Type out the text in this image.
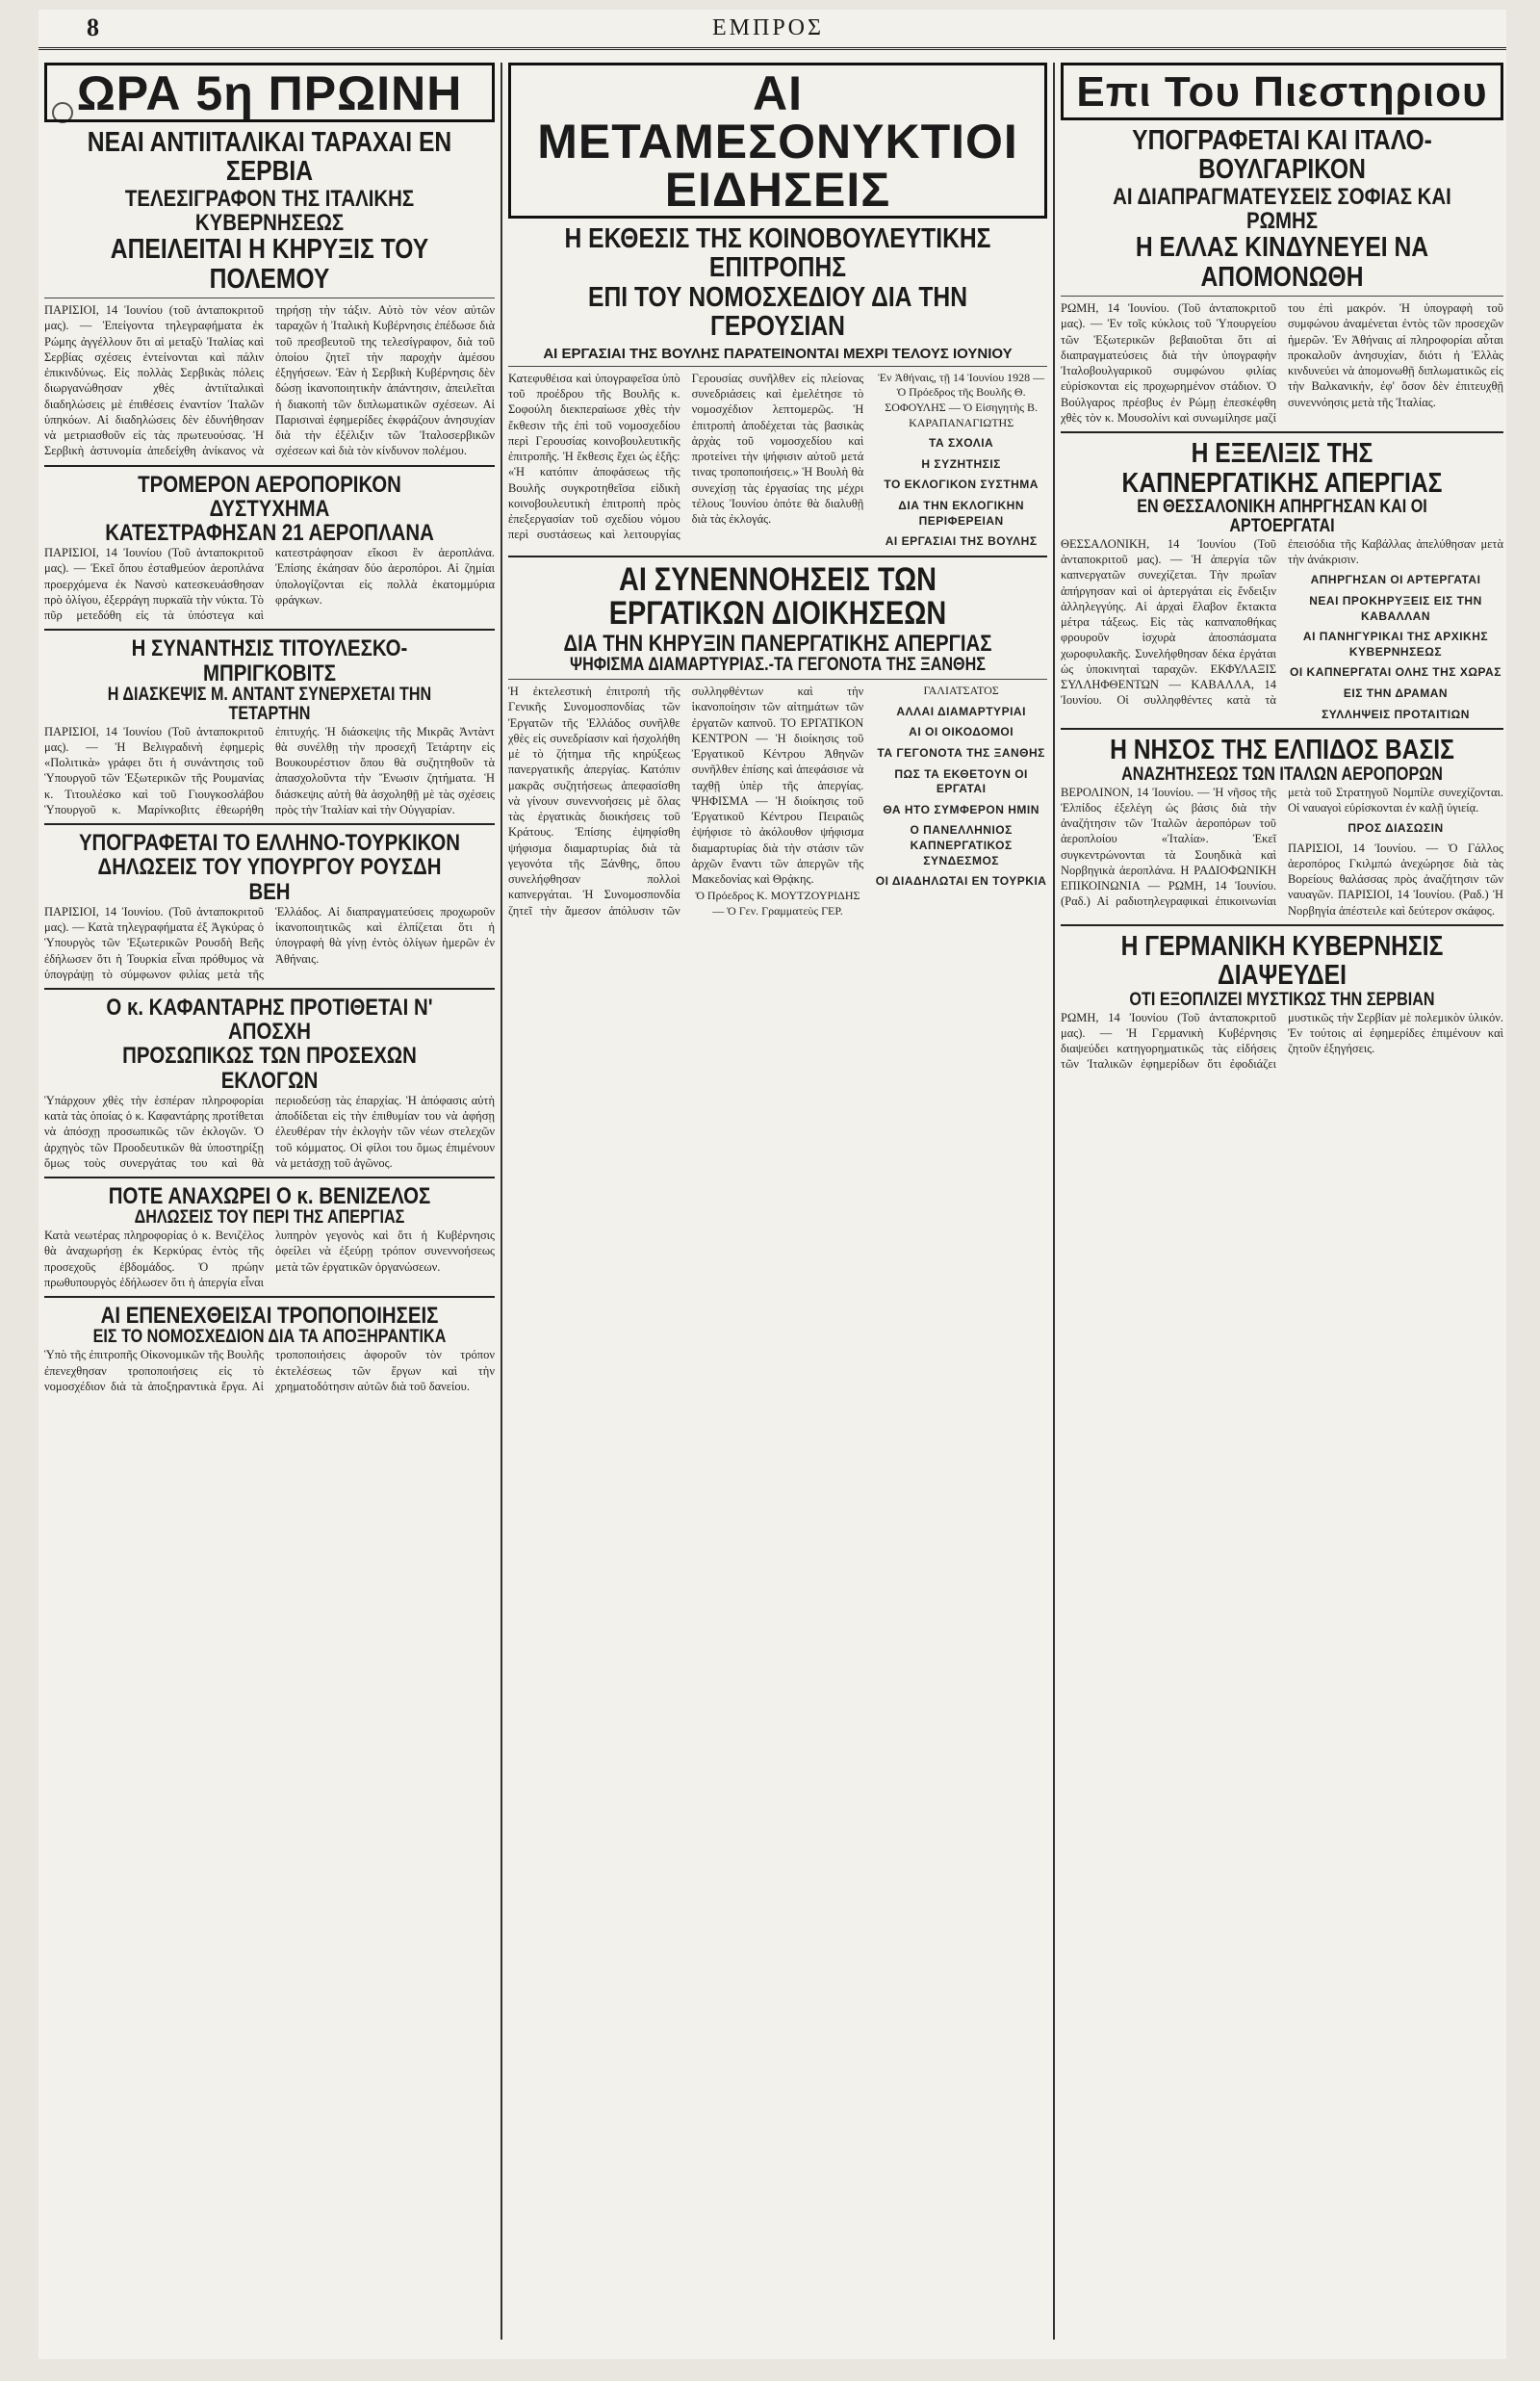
8	ΕΜΠΡΟΣ
ΩΡΑ 5η ΠΡΩΙΝΗ
ΝΕΑΙ ΑΝΤΙΙΤΑΛΙΚΑΙ ΤΑΡΑΧΑΙ ΕΝ ΣΕΡΒΙΑ
ΤΕΛΕΣΙΓΡΑΦΟΝ ΤΗΣ ΙΤΑΛΙΚΗΣ ΚΥΒΕΡΝΗΣΕΩΣ
ΑΠΕΙΛΕΙΤΑΙ Η ΚΗΡΥΞΙΣ ΤΟΥ ΠΟΛΕΜΟΥ
ΠΑΡΙΣΙΟΙ, 14 Ἰουνίου (τοῦ ἀνταποκριτοῦ μας). — Ἐπείγοντα τηλεγραφήματα ἐκ Ρώμης ἀγγέλλουν ὅτι αἱ μεταξὺ Ἰταλίας καὶ Σερβίας σχέσεις ἐντείνονται καὶ πάλιν ἐπικινδύνως. Εἰς πολλὰς Σερβικὰς πόλεις διωργανώθησαν χθὲς ἀντιϊταλικαὶ διαδηλώσεις μὲ ἐπιθέσεις ἐναντίον Ἰταλῶν ὑπηκόων. Αἱ διαδηλώσεις δὲν ἐδυνήθησαν νὰ μετριασθοῦν εἰς τὰς πρωτευούσας. Ἡ Σερβικὴ ἀστυνομία ἀπεδείχθη ἀνίκανος νὰ τηρήσῃ τὴν τάξιν. Αὐτὸ τὸν νέον αὐτῶν ταραχῶν ἡ Ἰταλικὴ Κυβέρνησις ἐπέδωσε διὰ τοῦ πρεσβευτοῦ της τελεσίγραφον, διὰ τοῦ ὁποίου ζητεῖ τὴν παροχὴν ἀμέσου ἐξηγήσεων. Ἐὰν ἡ Σερβικὴ Κυβέρνησις δὲν δώσῃ ἱκανοποιητικὴν ἀπάντησιν, ἀπειλεῖται ἡ διακοπὴ τῶν διπλωματικῶν σχέσεων. Αἱ Παρισιναὶ ἐφημερίδες ἐκφράζουν ἀνησυχίαν διὰ τὴν ἐξέλιξιν τῶν Ἰταλοσερβικῶν σχέσεων καὶ διὰ τὸν κίνδυνον πολέμου.
ΤΡΟΜΕΡΟΝ ΑΕΡΟΠΟΡΙΚΟΝ ΔΥΣΤΥΧΗΜΑ
ΚΑΤΕΣΤΡΑΦΗΣΑΝ 21 ΑΕΡΟΠΛΑΝΑ
ΠΑΡΙΣΙΟΙ, 14 Ἰουνίου (Τοῦ ἀνταποκριτοῦ μας). — Ἐκεῖ ὅπου ἐσταθμεύον ἀεροπλάνα προερχόμενα ἐκ Νανσὺ κατεσκευάσθησαν πρὸ ὀλίγου, ἐξερράγη πυρκαϊὰ τὴν νύκτα. Τὸ πῦρ μετεδόθη εἰς τὰ ὑπόστεγα καὶ κατεστράφησαν εἴκοσι ἓν ἀεροπλάνα. Ἐπίσης ἐκάησαν δύο ἀεροπόροι. Αἱ ζημίαι ὑπολογίζονται εἰς πολλὰ ἑκατομμύρια φράγκων.
Η ΣΥΝΑΝΤΗΣΙΣ ΤΙΤΟΥΛΕΣΚΟ-ΜΠΡΙΓΚΟΒΙΤΣ
Η ΔΙΑΣΚΕΨΙΣ Μ. ΑΝΤΑΝΤ ΣΥΝΕΡΧΕΤΑΙ ΤΗΝ ΤΕΤΑΡΤΗΝ
ΠΑΡΙΣΙΟΙ, 14 Ἰουνίου (Τοῦ ἀνταποκριτοῦ μας). — Ἡ Βελιγραδινὴ ἐφημερὶς «Πολιτικὰ» γράφει ὅτι ἡ συνάντησις τοῦ Ὑπουργοῦ τῶν Ἐξωτερικῶν τῆς Ρουμανίας κ. Τιτουλέσκο καὶ τοῦ Γιουγκοσλάβου Ὑπουργοῦ κ. Μαρίνκοβιτς ἐθεωρήθη ἐπιτυχής. Ἡ διάσκεψις τῆς Μικρᾶς Ἀντὰντ θὰ συνέλθῃ τὴν προσεχῆ Τετάρτην εἰς Βουκουρέστιον ὅπου θὰ συζητηθοῦν τὰ ἀπασχολοῦντα τὴν Ἕνωσιν ζητήματα. Ἡ διάσκεψις αὐτὴ θὰ ἀσχοληθῇ μὲ τὰς σχέσεις πρὸς τὴν Ἰταλίαν καὶ τὴν Οὑγγαρίαν.
ΥΠΟΓΡΑΦΕΤΑΙ ΤΟ ΕΛΛΗΝΟ-ΤΟΥΡΚΙΚΟΝ
ΔΗΛΩΣΕΙΣ ΤΟΥ ΥΠΟΥΡΓΟΥ ΡΟΥΣΔΗ ΒΕΗ
ΠΑΡΙΣΙΟΙ, 14 Ἰουνίου. (Τοῦ ἀνταποκριτοῦ μας). — Κατὰ τηλεγραφήματα ἐξ Ἀγκύρας ὁ Ὑπουργὸς τῶν Ἐξωτερικῶν Ρουσδὴ Βεῆς ἐδήλωσεν ὅτι ἡ Τουρκία εἶναι πρόθυμος νὰ ὑπογράψῃ τὸ σύμφωνον φιλίας μετὰ τῆς Ἑλλάδος. Αἱ διαπραγματεύσεις προχωροῦν ἱκανοποιητικῶς καὶ ἐλπίζεται ὅτι ἡ ὑπογραφὴ θὰ γίνῃ ἐντὸς ὀλίγων ἡμερῶν ἐν Ἀθήναις.
Ο κ. ΚΑΦΑΝΤΑΡΗΣ ΠΡΟΤΙΘΕΤΑΙ Ν' ΑΠΟΣΧΗ
ΠΡΟΣΩΠΙΚΩΣ ΤΩΝ ΠΡΟΣΕΧΩΝ ΕΚΛΟΓΩΝ
Ὑπάρχουν χθὲς τὴν ἑσπέραν πληροφορίαι κατὰ τὰς ὁποίας ὁ κ. Καφαντάρης προτίθεται νὰ ἀπόσχῃ προσωπικῶς τῶν ἐκλογῶν. Ὁ ἀρχηγὸς τῶν Προοδευτικῶν θὰ ὑποστηρίξῃ ὅμως τοὺς συνεργάτας του καὶ θὰ περιοδεύσῃ τὰς ἐπαρχίας. Ἡ ἀπόφασις αὐτὴ ἀποδίδεται εἰς τὴν ἐπιθυμίαν του νὰ ἀφήσῃ ἐλευθέραν τὴν ἐκλογὴν τῶν νέων στελεχῶν τοῦ κόμματος. Οἱ φίλοι του ὅμως ἐπιμένουν νὰ μετάσχῃ τοῦ ἀγῶνος.
ΠΟΤΕ ΑΝΑΧΩΡΕΙ Ο κ. ΒΕΝΙΖΕΛΟΣ
ΔΗΛΩΣΕΙΣ ΤΟΥ ΠΕΡΙ ΤΗΣ ΑΠΕΡΓΙΑΣ
Κατὰ νεωτέρας πληροφορίας ὁ κ. Βενιζέλος θὰ ἀναχωρήσῃ ἐκ Κερκύρας ἐντὸς τῆς προσεχοῦς ἑβδομάδος. Ὁ πρώην πρωθυπουργὸς ἐδήλωσεν ὅτι ἡ ἀπεργία εἶναι λυπηρὸν γεγονὸς καὶ ὅτι ἡ Κυβέρνησις ὀφείλει νὰ ἐξεύρῃ τρόπον συνεννοήσεως μετὰ τῶν ἐργατικῶν ὀργανώσεων.
ΑΙ ΕΠΕΝΕΧΘΕΙΣΑΙ ΤΡΟΠΟΠΟΙΗΣΕΙΣ
ΕΙΣ ΤΟ ΝΟΜΟΣΧΕΔΙΟΝ ΔΙΑ ΤΑ ΑΠΟΞΗΡΑΝΤΙΚΑ
Ὑπὸ τῆς ἐπιτροπῆς Οἰκονομικῶν τῆς Βουλῆς ἐπενεχθησαν τροποποιήσεις εἰς τὸ νομοσχέδιον διὰ τὰ ἀποξηραντικὰ ἔργα. Αἱ τροποποιήσεις ἀφοροῦν τὸν τρόπον ἐκτελέσεως τῶν ἔργων καὶ τὴν χρηματοδότησιν αὐτῶν διὰ τοῦ δανείου.
ΑΙ ΜΕΤΑΜΕΣΟΝΥΚΤΙΟΙ ΕΙΔΗΣΕΙΣ
Η ΕΚΘΕΣΙΣ ΤΗΣ ΚΟΙΝΟΒΟΥΛΕΥΤΙΚΗΣ ΕΠΙΤΡΟΠΗΣ
ΕΠΙ ΤΟΥ ΝΟΜΟΣΧΕΔΙΟΥ ΔΙΑ ΤΗΝ ΓΕΡΟΥΣΙΑΝ
ΑΙ ΕΡΓΑΣΙΑΙ ΤΗΣ ΒΟΥΛΗΣ ΠΑΡΑΤΕΙΝΟΝΤΑΙ ΜΕΧΡΙ ΤΕΛΟΥΣ ΙΟΥΝΙΟΥ
Κατεφυθέισα καὶ ὑπογραφεῖσα ὑπὸ τοῦ προέδρου τῆς Βουλῆς κ. Σοφούλη διεκπεραίωσε χθὲς τὴν ἔκθεσιν τῆς ἐπὶ τοῦ νομοσχεδίου περὶ Γερουσίας κοινοβουλευτικῆς ἐπιτροπῆς. Ἡ ἔκθεσις ἔχει ὡς ἑξῆς: «Ἡ κατόπιν ἀποφάσεως τῆς Βουλῆς συγκροτηθεῖσα εἰδικὴ κοινοβουλευτικὴ ἐπιτροπὴ πρὸς ἐπεξεργασίαν τοῦ σχεδίου νόμου περὶ συστάσεως καὶ λειτουργίας Γερουσίας συνῆλθεν εἰς πλείονας συνεδριάσεις καὶ ἐμελέτησε τὸ νομοσχέδιον λεπτομερῶς. Ἡ ἐπιτροπὴ ἀποδέχεται τὰς βασικὰς ἀρχὰς τοῦ νομοσχεδίου καὶ προτείνει τὴν ψήφισιν αὐτοῦ μετά τινας τροποποιήσεις.» Ἡ Βουλὴ θὰ συνεχίσῃ τὰς ἐργασίας της μέχρι τέλους Ἰουνίου ὁπότε θὰ διαλυθῇ διὰ τὰς ἐκλογάς.
Ἐν Ἀθήναις, τῇ 14 Ἰουνίου 1928 — Ὁ Πρόεδρος τῆς Βουλῆς Θ. ΣΟΦΟΥΛΗΣ — Ὁ Εἰσηγητὴς Β. ΚΑΡΑΠΑΝΑΓΙΩΤΗΣ
ΤΑ ΣΧΟΛΙΑ
Η ΣΥΖΗΤΗΣΙΣ
ΤΟ ΕΚΛΟΓΙΚΟΝ ΣΥΣΤΗΜΑ
ΔΙΑ ΤΗΝ ΕΚΛΟΓΙΚΗΝ ΠΕΡΙΦΕΡΕΙΑΝ
ΑΙ ΕΡΓΑΣΙΑΙ ΤΗΣ ΒΟΥΛΗΣ
ΑΙ ΣΥΝΕΝΝΟΗΣΕΙΣ ΤΩΝ ΕΡΓΑΤΙΚΩΝ ΔΙΟΙΚΗΣΕΩΝ
ΔΙΑ ΤΗΝ ΚΗΡΥΞΙΝ ΠΑΝΕΡΓΑΤΙΚΗΣ ΑΠΕΡΓΙΑΣ
ΨΗΦΙΣΜΑ ΔΙΑΜΑΡΤΥΡΙΑΣ.-ΤΑ ΓΕΓΟΝΟΤΑ ΤΗΣ ΞΑΝΘΗΣ
Ἡ ἐκτελεστικὴ ἐπιτροπὴ τῆς Γενικῆς Συνομοσπονδίας τῶν Ἐργατῶν τῆς Ἑλλάδος συνῆλθε χθὲς εἰς συνεδρίασιν καὶ ἠσχολήθη μὲ τὸ ζήτημα τῆς κηρύξεως πανεργατικῆς ἀπεργίας. Κατόπιν μακρᾶς συζητήσεως ἀπεφασίσθη νὰ γίνουν συνεννοήσεις μὲ ὅλας τὰς ἐργατικὰς διοικήσεις τοῦ Κράτους. Ἐπίσης ἐψηφίσθη ψήφισμα διαμαρτυρίας διὰ τὰ γεγονότα τῆς Ξάνθης, ὅπου συνελήφθησαν πολλοὶ καπνεργάται. Ἡ Συνομοσπονδία ζητεῖ τὴν ἄμεσον ἀπόλυσιν τῶν συλληφθέντων καὶ τὴν ἱκανοποίησιν τῶν αἰτημάτων τῶν ἐργατῶν καπνοῦ. ΤΟ ΕΡΓΑΤΙΚΟΝ ΚΕΝΤΡΟΝ — Ἡ διοίκησις τοῦ Ἐργατικοῦ Κέντρου Ἀθηνῶν συνῆλθεν ἐπίσης καὶ ἀπεφάσισε νὰ ταχθῇ ὑπὲρ τῆς ἀπεργίας. ΨΗΦΙΣΜΑ — Ἡ διοίκησις τοῦ Ἐργατικοῦ Κέντρου Πειραιῶς ἐψήφισε τὸ ἀκόλουθον ψήφισμα διαμαρτυρίας διὰ τὴν στάσιν τῶν ἀρχῶν ἔναντι τῶν ἀπεργῶν τῆς Μακεδονίας καὶ Θρᾴκης.
Ὁ Πρόεδρος Κ. ΜΟΥΤΖΟΥΡΙΔΗΣ — Ὁ Γεν. Γραμματεὺς ΓΕΡ. ΓΑΛΙΑΤΣΑΤΟΣ
ΑΛΛΑΙ ΔΙΑΜΑΡΤΥΡΙΑΙ
ΑΙ ΟΙ ΟΙΚΟΔΟΜΟΙ
ΤΑ ΓΕΓΟΝΟΤΑ ΤΗΣ ΞΑΝΘΗΣ
ΠΩΣ ΤΑ ΕΚΘΕΤΟΥΝ ΟΙ ΕΡΓΑΤΑΙ
ΘΑ ΗΤΟ ΣΥΜΦΕΡΟΝ ΗΜΙΝ
Ο ΠΑΝΕΛΛΗΝΙΟΣ ΚΑΠΝΕΡΓΑΤΙΚΟΣ ΣΥΝΔΕΣΜΟΣ
ΟΙ ΔΙΑΔΗΛΩΤΑΙ ΕΝ ΤΟΥΡΚΙΑ
Επι Του Πιεστηριου
ΥΠΟΓΡΑΦΕΤΑΙ ΚΑΙ ΙΤΑΛΟ-ΒΟΥΛΓΑΡΙΚΟΝ
ΑΙ ΔΙΑΠΡΑΓΜΑΤΕΥΣΕΙΣ ΣΟΦΙΑΣ ΚΑΙ ΡΩΜΗΣ
Η ΕΛΛΑΣ ΚΙΝΔΥΝΕΥΕΙ ΝΑ ΑΠΟΜΟΝΩΘΗ
ΡΩΜΗ, 14 Ἰουνίου. (Τοῦ ἀνταποκριτοῦ μας). — Ἐν τοῖς κύκλοις τοῦ Ὑπουργείου τῶν Ἐξωτερικῶν βεβαιοῦται ὅτι αἱ διαπραγματεύσεις διὰ τὴν ὑπογραφὴν Ἰταλοβουλγαρικοῦ συμφώνου φιλίας εὑρίσκονται εἰς προχωρημένον στάδιον. Ὁ Βούλγαρος πρέσβυς ἐν Ρώμῃ ἐπεσκέφθη χθὲς τὸν κ. Μουσολίνι καὶ συνωμίλησε μαζί του ἐπὶ μακρόν. Ἡ ὑπογραφὴ τοῦ συμφώνου ἀναμένεται ἐντὸς τῶν προσεχῶν ἡμερῶν. Ἐν Ἀθήναις αἱ πληροφορίαι αὗται προκαλοῦν ἀνησυχίαν, διότι ἡ Ἑλλὰς κινδυνεύει νὰ ἀπομονωθῇ διπλωματικῶς εἰς τὴν Βαλκανικήν, ἐφ' ὅσον δὲν ἐπιτευχθῇ συνεννόησις μετὰ τῆς Ἰταλίας.
Η ΕΞΕΛΙΞΙΣ ΤΗΣ ΚΑΠΝΕΡΓΑΤΙΚΗΣ ΑΠΕΡΓΙΑΣ
ΕΝ ΘΕΣΣΑΛΟΝΙΚΗ ΑΠΗΡΓΗΣΑΝ ΚΑΙ ΟΙ ΑΡΤΟΕΡΓΑΤΑΙ
ΘΕΣΣΑΛΟΝΙΚΗ, 14 Ἰουνίου (Τοῦ ἀνταποκριτοῦ μας). — Ἡ ἀπεργία τῶν καπνεργατῶν συνεχίζεται. Τὴν πρωΐαν ἀπήργησαν καὶ οἱ ἀρτεργάται εἰς ἔνδειξιν ἀλληλεγγύης. Αἱ ἀρχαὶ ἔλαβον ἔκτακτα μέτρα τάξεως. Εἰς τὰς καπναποθήκας φρουροῦν ἰσχυρὰ ἀποσπάσματα χωροφυλακῆς. Συνελήφθησαν δέκα ἐργάται ὡς ὑποκινηταὶ ταραχῶν. ΕΚΦΥΛΑΞΙΣ ΣΥΛΛΗΦΘΕΝΤΩΝ — ΚΑΒΑΛΛΑ, 14 Ἰουνίου. Οἱ συλληφθέντες κατὰ τὰ ἐπεισόδια τῆς Καβάλλας ἀπελύθησαν μετὰ τὴν ἀνάκρισιν.
ΑΠΗΡΓΗΣΑΝ ΟΙ ΑΡΤΕΡΓΑΤΑΙ
ΝΕΑΙ ΠΡΟΚΗΡΥΞΕΙΣ ΕΙΣ ΤΗΝ ΚΑΒΑΛΛΑΝ
ΑΙ ΠΑΝΗΓΥΡΙΚΑΙ ΤΗΣ ΑΡΧΙΚΗΣ ΚΥΒΕΡΝΗΣΕΩΣ
ΟΙ ΚΑΠΝΕΡΓΑΤΑΙ ΟΛΗΣ ΤΗΣ ΧΩΡΑΣ
ΕΙΣ ΤΗΝ ΔΡΑΜΑΝ
ΣΥΛΛΗΨΕΙΣ ΠΡΟΤΑΙΤΙΩΝ
Η ΝΗΣΟΣ ΤΗΣ ΕΛΠΙΔΟΣ ΒΑΣΙΣ
ΑΝΑΖΗΤΗΣΕΩΣ ΤΩΝ ΙΤΑΛΩΝ ΑΕΡΟΠΟΡΩΝ
ΒΕΡΟΛΙΝΟΝ, 14 Ἰουνίου. — Ἡ νῆσος τῆς Ἐλπίδος ἐξελέγη ὡς βάσις διὰ τὴν ἀναζήτησιν τῶν Ἰταλῶν ἀεροπόρων τοῦ ἀεροπλοίου «Ἰταλία». Ἐκεῖ συγκεντρώνονται τὰ Σουηδικὰ καὶ Νορβηγικὰ ἀεροπλάνα. Η ΡΑΔΙΟΦΩΝΙΚΗ ΕΠΙΚΟΙΝΩΝΙΑ — ΡΩΜΗ, 14 Ἰουνίου. (Ραδ.) Αἱ ραδιοτηλεγραφικαὶ ἐπικοινωνίαι μετὰ τοῦ Στρατηγοῦ Νομπίλε συνεχίζονται. Οἱ ναυαγοὶ εὑρίσκονται ἐν καλῇ ὑγιείᾳ.
ΠΡΟΣ ΔΙΑΣΩΣΙΝ
ΠΑΡΙΣΙΟΙ, 14 Ἰουνίου. — Ὁ Γάλλος ἀεροπόρος Γκιλμπώ ἀνεχώρησε διὰ τὰς Βορείους θαλάσσας πρὸς ἀναζήτησιν τῶν ναυαγῶν. ΠΑΡΙΣΙΟΙ, 14 Ἰουνίου. (Ραδ.) Ἡ Νορβηγία ἀπέστειλε καὶ δεύτερον σκάφος.
Η ΓΕΡΜΑΝΙΚΗ ΚΥΒΕΡΝΗΣΙΣ ΔΙΑΨΕΥΔΕΙ
ΟΤΙ ΕΞΟΠΛΙΖΕΙ ΜΥΣΤΙΚΩΣ ΤΗΝ ΣΕΡΒΙΑΝ
ΡΩΜΗ, 14 Ἰουνίου (Τοῦ ἀνταποκριτοῦ μας). — Ἡ Γερμανικὴ Κυβέρνησις διαψεύδει κατηγορηματικῶς τὰς εἰδήσεις τῶν Ἰταλικῶν ἐφημερίδων ὅτι ἐφοδιάζει μυστικῶς τὴν Σερβίαν μὲ πολεμικὸν ὑλικόν. Ἐν τούτοις αἱ ἐφημερίδες ἐπιμένουν καὶ ζητοῦν ἐξηγήσεις.
